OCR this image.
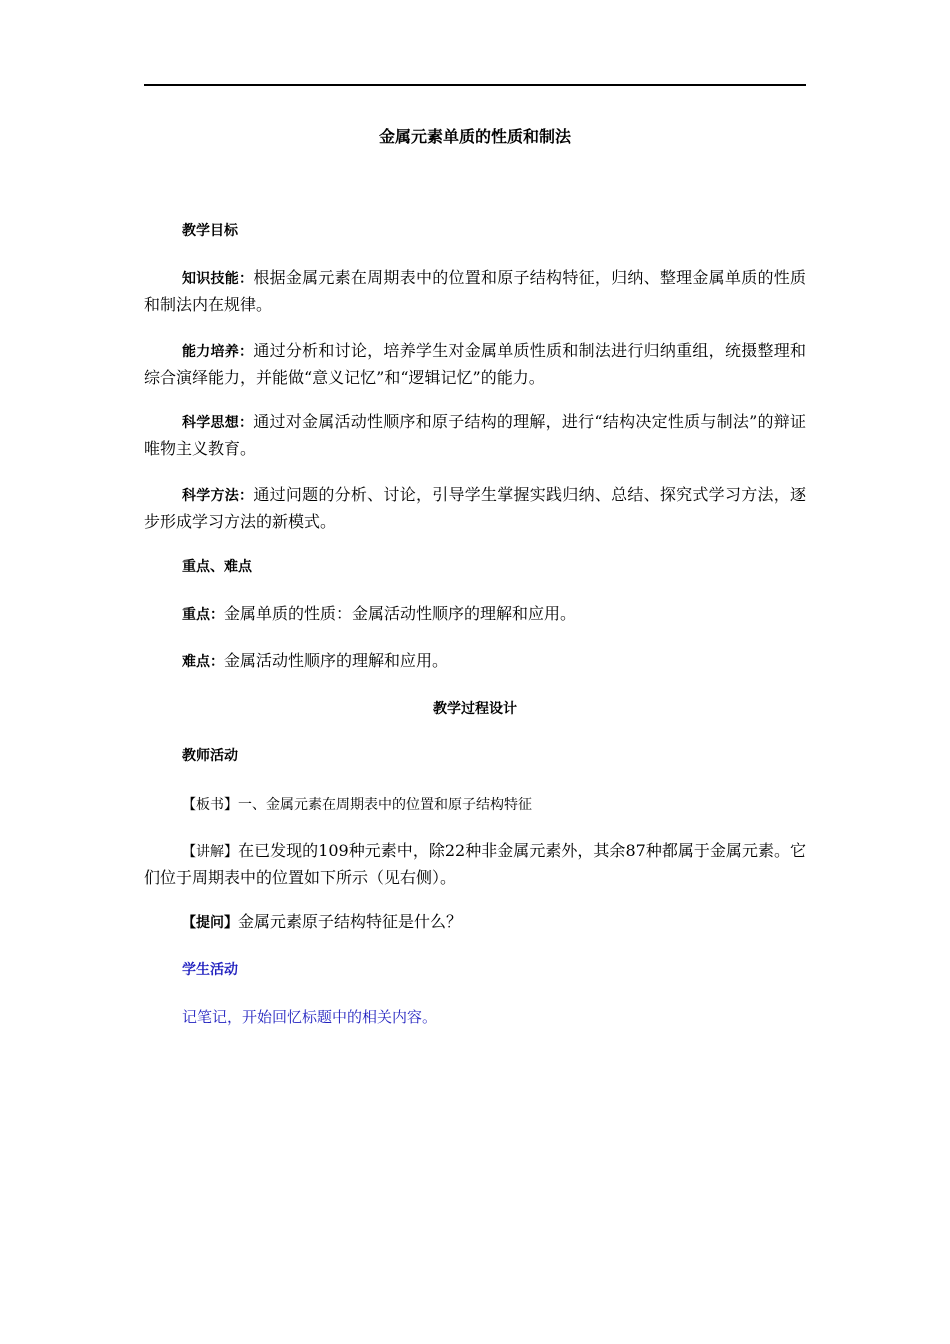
金属元素单质的性质和制法
教学目标
知识技能：根据金属元素在周期表中的位置和原子结构特征，归纳、整理金属单质的性质和制法内在规律。
能力培养：通过分析和讨论，培养学生对金属单质性质和制法进行归纳重组，统摄整理和综合演绎能力，并能做“意义记忆”和“逻辑记忆”的能力。
科学思想：通过对金属活动性顺序和原子结构的理解，进行“结构决定性质与制法”的辩证唯物主义教育。
科学方法：通过问题的分析、讨论，引导学生掌握实践归纳、总结、探究式学习方法，逐步形成学习方法的新模式。
重点、难点
重点：金属单质的性质：金属活动性顺序的理解和应用。
难点：金属活动性顺序的理解和应用。
教学过程设计
教师活动
【板书】一、金属元素在周期表中的位置和原子结构特征
【讲解】在已发现的109种元素中，除22种非金属元素外，其余87种都属于金属元素。它们位于周期表中的位置如下所示（见右侧）。
【提问】金属元素原子结构特征是什么？
学生活动
记笔记，开始回忆标题中的相关内容。
